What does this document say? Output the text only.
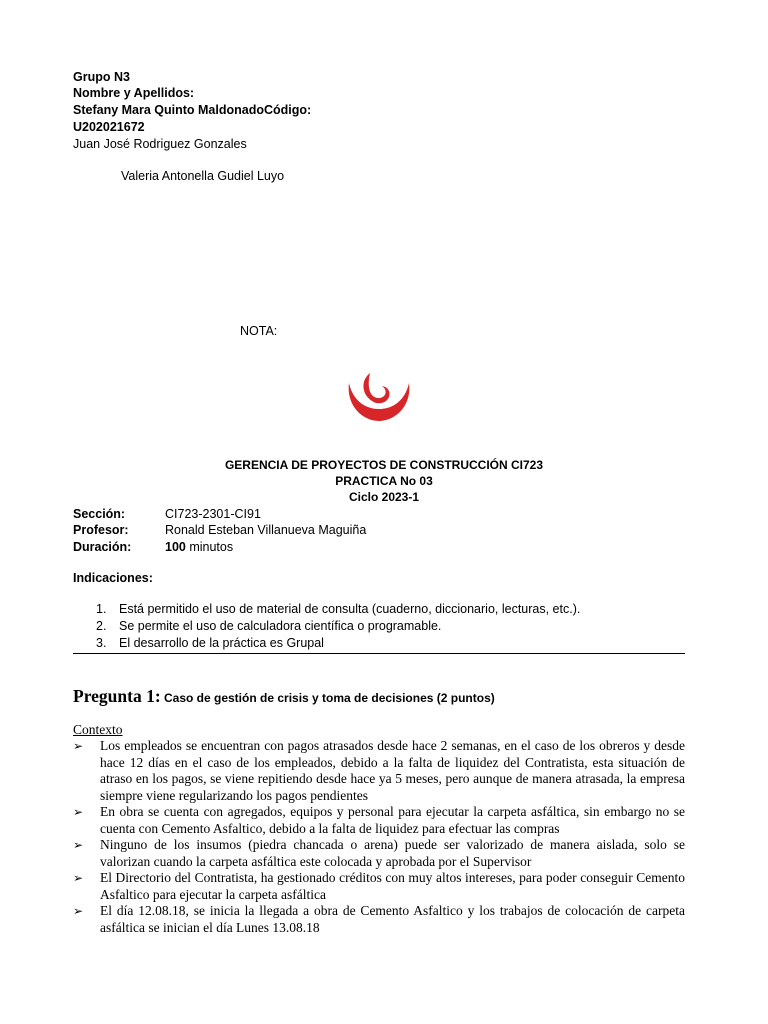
Grupo N3
Nombre y Apellidos:
Stefany Mara Quinto MaldonadoCódigo:
U202021672
Juan José Rodriguez Gonzales
Valeria Antonella Gudiel Luyo
NOTA:
GERENCIA DE PROYECTOS DE CONSTRUCCIÓN CI723
PRACTICA No 03
Ciclo 2023-1
Sección:	CI723-2301-CI91
Profesor:	Ronald Esteban Villanueva Maguiña
Duración:	100 minutos
Indicaciones:
1. Está permitido el uso de material de consulta (cuaderno, diccionario, lecturas, etc.).
2. Se permite el uso de calculadora científica o programable.
3. El desarrollo de la práctica es Grupal
Pregunta 1: Caso de gestión de crisis y toma de decisiones (2 puntos)
Contexto
➢ Los empleados se encuentran con pagos atrasados desde hace 2 semanas, en el caso de los obreros y desde hace 12 días en el caso de los empleados, debido a la falta de liquidez del Contratista, esta situación de atraso en los pagos, se viene repitiendo desde hace ya 5 meses, pero aunque de manera atrasada, la empresa siempre viene regularizando los pagos pendientes
➢ En obra se cuenta con agregados, equipos y personal para ejecutar la carpeta asfáltica, sin embargo no se cuenta con Cemento Asfaltico, debido a la falta de liquidez para efectuar las compras
➢ Ninguno de los insumos (piedra chancada o arena) puede ser valorizado de manera aislada, solo se valorizan cuando la carpeta asfáltica este colocada y aprobada por el Supervisor
➢ El Directorio del Contratista, ha gestionado créditos con muy altos intereses, para poder conseguir Cemento Asfaltico para ejecutar la carpeta asfáltica
➢ El día 12.08.18, se inicia la llegada a obra de Cemento Asfaltico y los trabajos de colocación de carpeta asfáltica se inician el día Lunes 13.08.18
